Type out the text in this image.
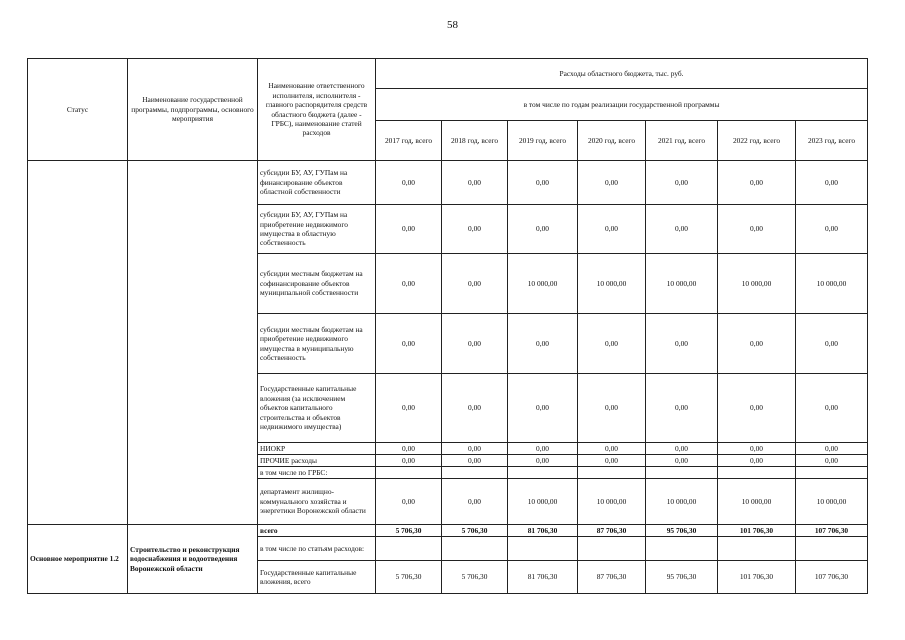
58
Статус	Наименование государственной программы, подпрограммы, основного мероприятия	Наименование ответственного исполнителя, исполнителя - главного распорядителя средств областного бюджета (далее - ГРБС), наименование статей расходов	Расходы областного бюджета, тыс. руб.						
			в том числе по годам реализации государственной программы						
			2017 год, всего	2018 год, всего	2019 год, всего	2020 год, всего	2021 год, всего	2022 год, всего	2023 год, всего
		субсидии БУ, АУ, ГУПам на финансирование объектов областной собственности	0,00	0,00	0,00	0,00	0,00	0,00	0,00
		субсидии БУ, АУ, ГУПам на приобретение недвижимого имущества в областную собственность	0,00	0,00	0,00	0,00	0,00	0,00	0,00
		субсидии местным бюджетам на софинансирование объектов муниципальной собственности	0,00	0,00	10 000,00	10 000,00	10 000,00	10 000,00	10 000,00
		субсидии местным бюджетам на приобретение недвижимого имущества в муниципальную собственность	0,00	0,00	0,00	0,00	0,00	0,00	0,00
		Государственные капитальные вложения (за исключением объектов капитального строительства и объектов недвижимого имущества)	0,00	0,00	0,00	0,00	0,00	0,00	0,00
		НИОКР	0,00	0,00	0,00	0,00	0,00	0,00	0,00
		ПРОЧИЕ расходы	0,00	0,00	0,00	0,00	0,00	0,00	0,00
		в том числе по ГРБС:							
		департамент жилищно-коммунального хозяйства и энергетики Воронежской области	0,00	0,00	10 000,00	10 000,00	10 000,00	10 000,00	10 000,00
Основное мероприятие 1.2	Строительство и реконструкция водоснабжения и водоотведения Воронежской области	всего	5 706,30	5 706,30	81 706,30	87 706,30	95 706,30	101 706,30	107 706,30
		в том числе по статьям расходов:							
		Государственные капитальные вложения, всего	5 706,30	5 706,30	81 706,30	87 706,30	95 706,30	101 706,30	107 706,30
